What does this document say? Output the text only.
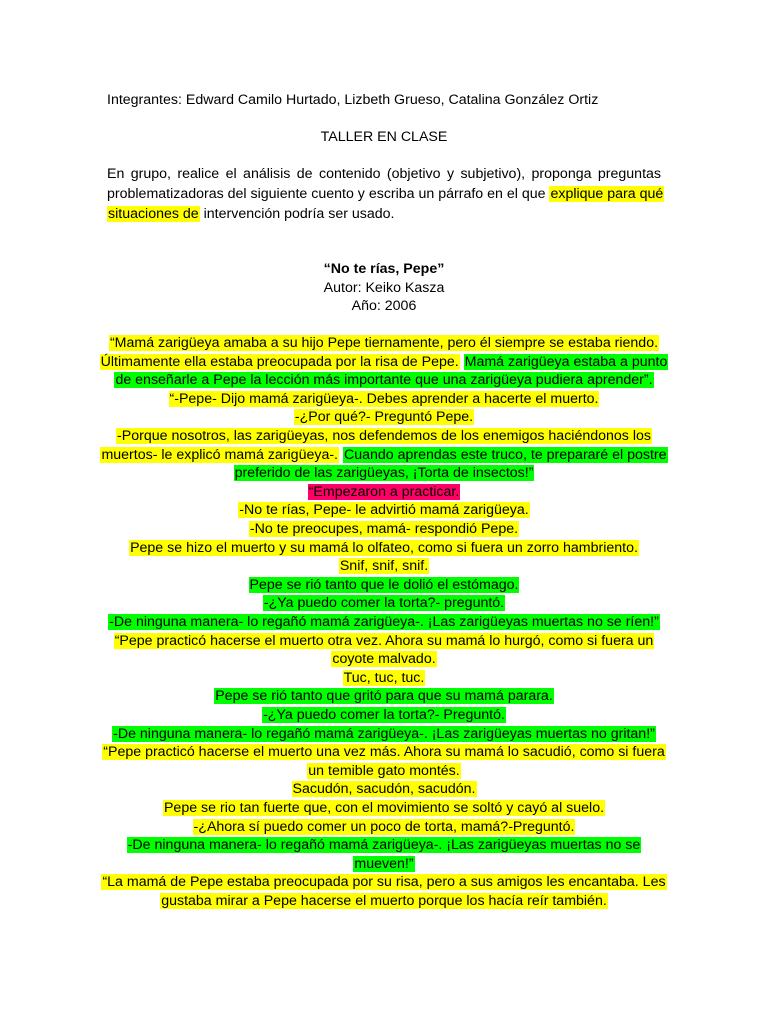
Integrantes: Edward Camilo Hurtado, Lizbeth Grueso, Catalina González Ortiz
TALLER EN CLASE
En grupo, realice el análisis de contenido (objetivo y subjetivo), proponga preguntas
problematizadoras del siguiente cuento y escriba un párrafo en el que explique para qué
situaciones de intervención podría ser usado.
“No te rías, Pepe”
Autor: Keiko Kasza
Año: 2006
“Mamá zarigüeya amaba a su hijo Pepe tiernamente, pero él siempre se estaba riendo.
Últimamente ella estaba preocupada por la risa de Pepe. Mamá zarigüeya estaba a punto
de enseñarle a Pepe la lección más importante que una zarigüeya pudiera aprender”.
“-Pepe- Dijo mamá zarigüeya-. Debes aprender a hacerte el muerto.
-¿Por qué?- Preguntó Pepe.
-Porque nosotros, las zarigüeyas, nos defendemos de los enemigos haciéndonos los
muertos- le explicó mamá zarigüeya-. Cuando aprendas este truco, te prepararé el postre
preferido de las zarigüeyas, ¡Torta de insectos!”
“Empezaron a practicar.
-No te rías, Pepe- le advirtió mamá zarigüeya.
-No te preocupes, mamá- respondió Pepe.
Pepe se hizo el muerto y su mamá lo olfateo, como si fuera un zorro hambriento.
Snif, snif, snif.
Pepe se rió tanto que le dolió el estómago.
-¿Ya puedo comer la torta?- preguntó.
-De ninguna manera- lo regañó mamá zarigüeya-. ¡Las zarigüeyas muertas no se ríen!”
“Pepe practicó hacerse el muerto otra vez. Ahora su mamá lo hurgó, como si fuera un
coyote malvado.
Tuc, tuc, tuc.
Pepe se rió tanto que gritó para que su mamá parara.
-¿Ya puedo comer la torta?- Preguntó.
-De ninguna manera- lo regañó mamá zarigüeya-. ¡Las zarigüeyas muertas no gritan!”
“Pepe practicó hacerse el muerto una vez más. Ahora su mamá lo sacudió, como si fuera
un temible gato montés.
Sacudón, sacudón, sacudón.
Pepe se rio tan fuerte que, con el movimiento se soltó y cayó al suelo.
-¿Ahora sí puedo comer un poco de torta, mamá?-Preguntó.
-De ninguna manera- lo regañó mamá zarigüeya-. ¡Las zarigüeyas muertas no se
mueven!”
“La mamá de Pepe estaba preocupada por su risa, pero a sus amigos les encantaba. Les
gustaba mirar a Pepe hacerse el muerto porque los hacía reír también.
